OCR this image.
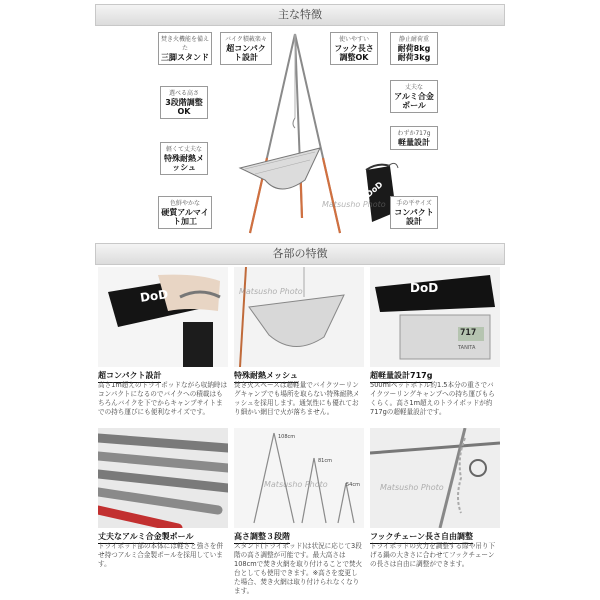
主な特徴
DoD
焚き火機能を備えた
三脚スタンド
バイク積載楽々
超コンパクト設計
使いやすい
フック長さ調整OK
静止耐荷重
耐荷8kg
耐荷3kg
選べる高さ
3段階調整OK
丈夫な
アルミ合金ポール
軽くて丈夫な
特殊耐熱メッシュ
わずか717g
軽量設計
色鮮やかな
硬質アルマイト加工
手の平サイズ
コンパクト設計
Matsusho Photo
各部の特徴
DoD	Matsusho Photo	DoD
717
TANITA
超コンパクト設計
高さ1m超えのトライポッドながら収納時はコンパクトになるのでバイクへの積載はもちろんバイクを下でからキャンプサイトまでの持ち運びにも便利なサイズです。
特殊耐熱メッシュ
焚き火スペースは超軽量でバイクツーリングキャンプでも場所を取らない特殊耐熱メッシュを採用します。通気性にも優れており細かい網目で火が落ちません。
超軽量設計717g
500mlペットボトル約1.5本分の重さでバイクツーリングキャンプへの持ち運びもらくらく。高さ1m超えのトライポッドが約717gの超軽量設計です。
108cm
81cm
54cm
Matsusho Photo	Matsusho Photo
丈夫なアルミ合金製ポール
トライポッド部の本体には軽さと強さを併せ持つアルミ合金製ポールを採用しています。
高さ調整３段階
スタンド(トライポッド)は状況に応じて3段階の高さ調整が可能です。最大高さは108cmで焚き火網を取り付けることで焚火台としても使用できます。※高さを変更した場合、焚き火網は取り付けられなくなります。
フックチェーン長さ自由調整
トライポッドの火力を調整する際や吊り下げる鍋の大きさに合わせてフックチェーンの長さは自由に調整ができます。
